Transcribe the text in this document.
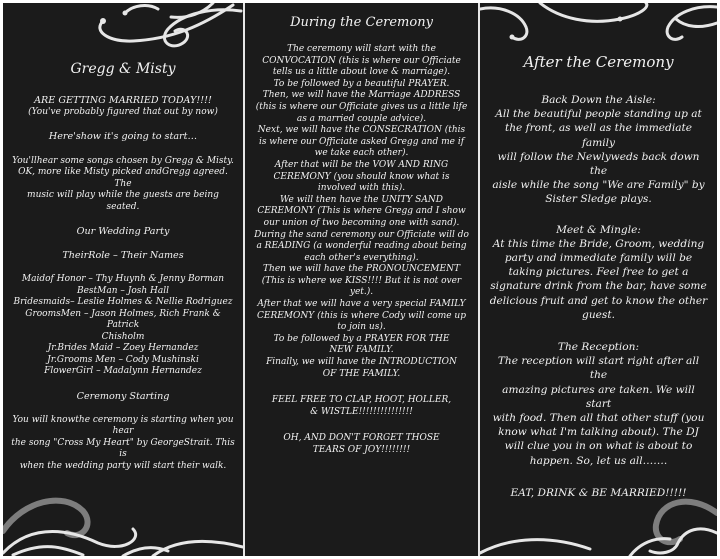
Gregg & Misty

ARE GETTING MARRIED TODAY!!!!

(You've probably figured that out by now)

Here'show it's going to start…

You'llhear some songs chosen by Gregg & Misty.

OK, more like Misty picked andGregg agreed. The

music will play while the guests are being seated.

Our Wedding Party

TheirRole – Their Names

Maidof Honor – Thy Huynh & Jenny Borman

BestMan – Josh Hall

Bridesmaids– Leslie Holmes & Nellie Rodriguez

GroomsMen – Jason Holmes, Rich Frank & Patrick

Chisholm

Jr.Brides Maid – Zoey Hernandez

Jr.Grooms Men – Cody Mushinski

FlowerGirl – Madalynn Hernandez

Ceremony Starting

You will knowthe ceremony is starting when you hear

the song "Cross My Heart" by GeorgeStrait. This is

when the wedding party will start their walk.

During the Ceremony

The ceremony will start with the

CONVOCATION (this is where our Officiate

tells us a little about love & marriage).

To be followed by a beautiful PRAYER.

Then, we will have the Marriage ADDRESS

(this is where our Officiate gives us a little life

as a married couple advice).

Next, we will have the CONSECRATION (this

is where our Officiate asked Gregg and me if

we take each other).

After that will be the VOW AND RING

CEREMONY (you should know what is

involved with this).

We will then have the UNITY SAND

CEREMONY (This is where Gregg and I show

our union of two becoming one with sand).

During the sand ceremony our Officiate will do

a READING (a wonderful reading about being

each other's everything).

Then we will have the PRONOUNCEMENT

(This is where we KISS!!!! But it is not over

yet.).

After that we will have a very special FAMILY

CEREMONY (this is where Cody will come up

to join us).

To be followed by a PRAYER FOR THE

NEW FAMILY.

Finally, we will have the INTRODUCTION

OF THE FAMILY.

FEEL FREE TO CLAP, HOOT, HOLLER,

& WISTLE!!!!!!!!!!!!!!!

OH, AND DON'T FORGET THOSE

TEARS OF JOY!!!!!!!!

After the Ceremony

Back Down the Aisle:

All the beautiful people standing up at

the front, as well as the immediate family

will follow the Newlyweds back down the

aisle while the song "We are Family" by

Sister Sledge plays.

Meet & Mingle:

At this time the Bride, Groom, wedding

party and immediate family will be

taking pictures. Feel free to get a

signature drink from the bar, have some

delicious fruit and get to know the other

guest.

The Reception:

The reception will start right after all the

amazing pictures are taken. We will start

with food. Then all that other stuff (you

know what I'm talking about). The DJ

will clue you in on what is about to

happen. So, let us all…….

EAT, DRINK & BE MARRIED!!!!!
